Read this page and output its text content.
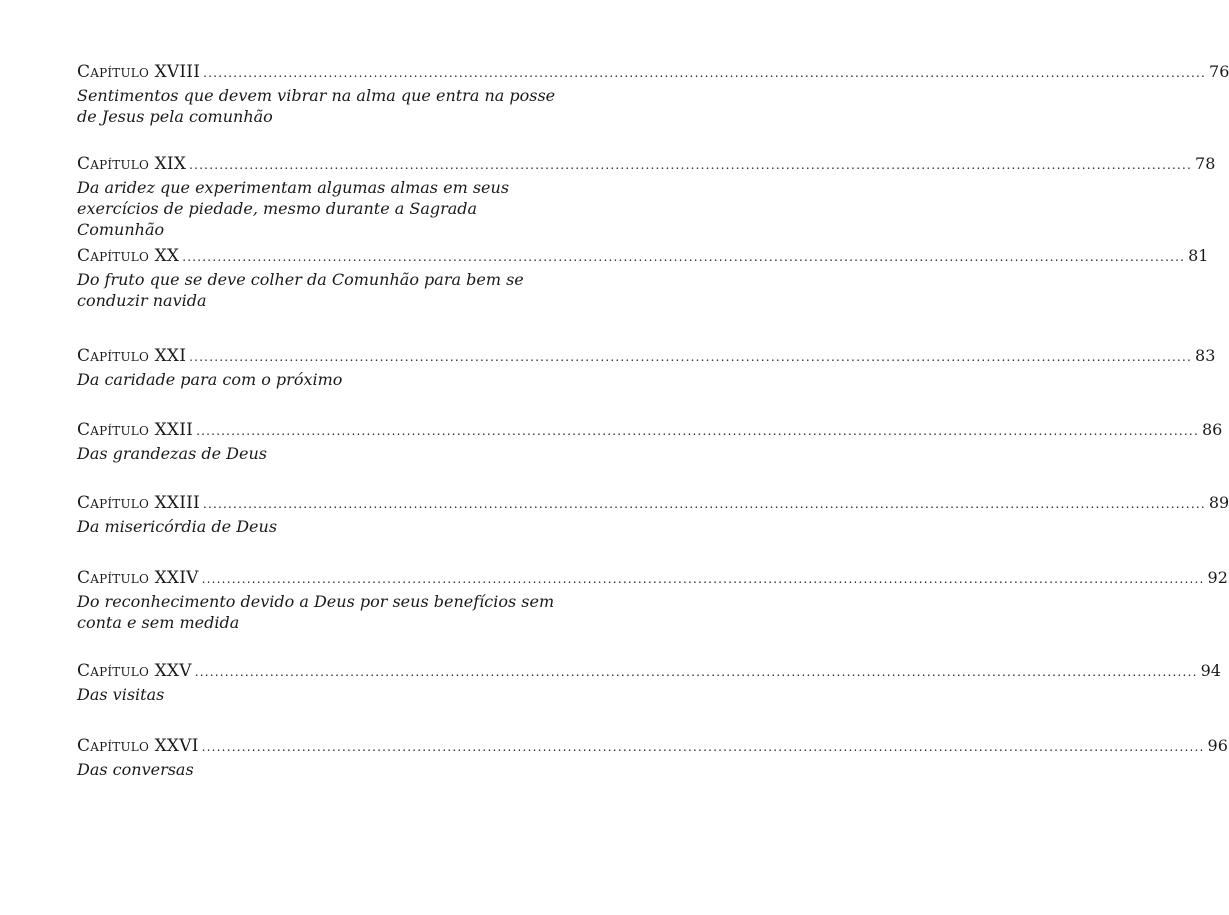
Capítulo XVIII ........................................................................................................................................................................................................ 76
Sentimentos que devem vibrar na alma que entra na posse de Jesus pela comunhão
Capítulo XIX ........................................................................................................................................................................................................ 78
Da aridez que experimentam algumas almas em seus exercícios de piedade, mesmo durante a Sagrada Comunhão
Capítulo XX ........................................................................................................................................................................................................ 81
Do fruto que se deve colher da Comunhão para bem se conduzir navida
Capítulo XXI ........................................................................................................................................................................................................ 83
Da caridade para com o próximo
Capítulo XXII ........................................................................................................................................................................................................ 86
Das grandezas de Deus
Capítulo XXIII ........................................................................................................................................................................................................ 89
Da misericórdia de Deus
Capítulo XXIV ........................................................................................................................................................................................................ 92
Do reconhecimento devido a Deus por seus benefícios sem conta e sem medida
Capítulo XXV ........................................................................................................................................................................................................ 94
Das visitas
Capítulo XXVI ........................................................................................................................................................................................................ 96
Das conversas
